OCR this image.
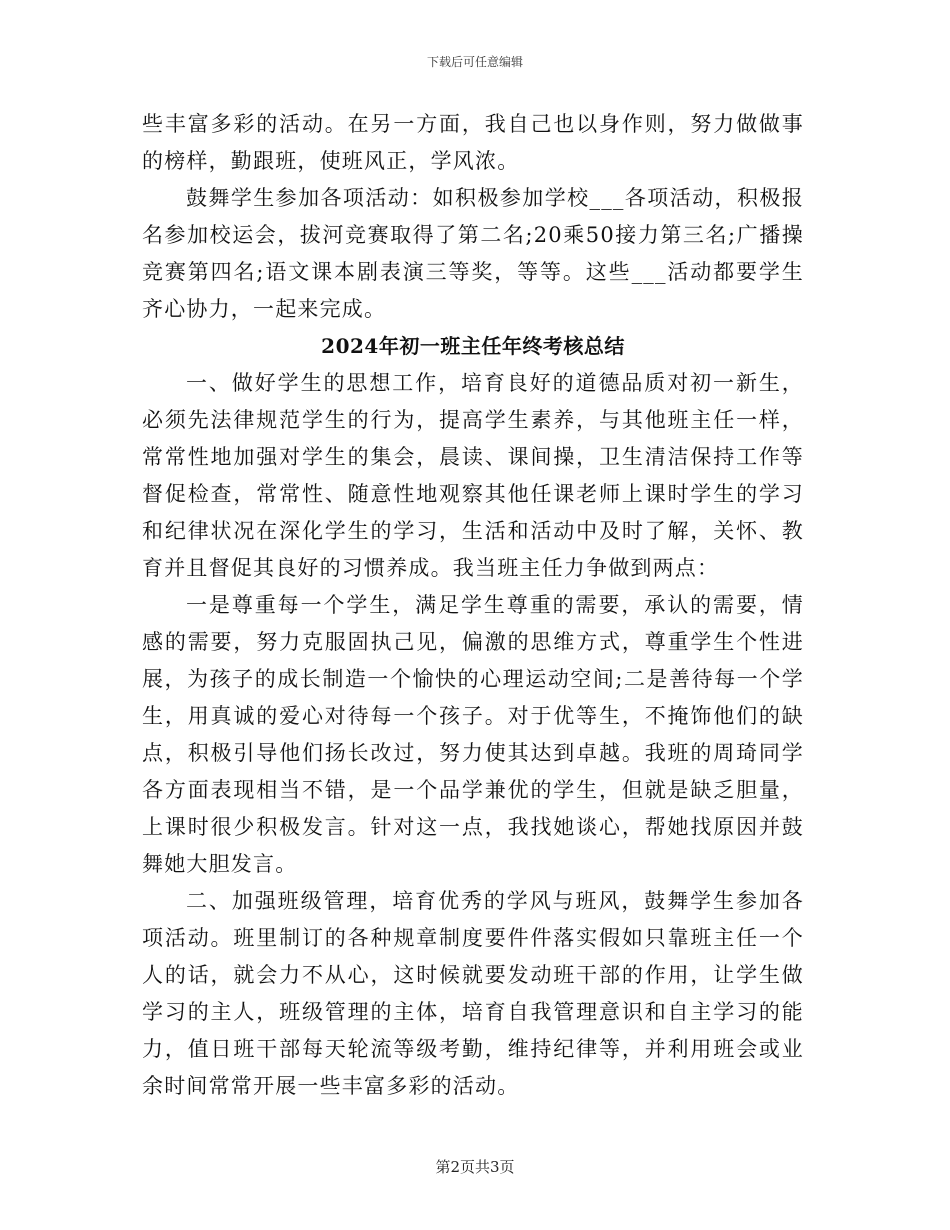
下载后可任意编辑

些丰富多彩的活动。在另一方面，我自己也以身作则，努力做做事的榜样，勤跟班，使班风正，学风浓。

鼓舞学生参加各项活动：如积极参加学校___各项活动，积极报名参加校运会，拔河竞赛取得了第二名;20乘50接力第三名;广播操竞赛第四名;语文课本剧表演三等奖，等等。这些___活动都要学生齐心协力，一起来完成。

2024年初一班主任年终考核总结

一、做好学生的思想工作，培育良好的道德品质对初一新生，必须先法律规范学生的行为，提高学生素养，与其他班主任一样，常常性地加强对学生的集会，晨读、课间操，卫生清洁保持工作等督促检查，常常性、随意性地观察其他任课老师上课时学生的学习和纪律状况在深化学生的学习，生活和活动中及时了解，关怀、教育并且督促其良好的习惯养成。我当班主任力争做到两点：

一是尊重每一个学生，满足学生尊重的需要，承认的需要，情感的需要，努力克服固执己见，偏激的思维方式，尊重学生个性进展，为孩子的成长制造一个愉快的心理运动空间;二是善待每一个学生，用真诚的爱心对待每一个孩子。对于优等生，不掩饰他们的缺点，积极引导他们扬长改过，努力使其达到卓越。我班的周琦同学各方面表现相当不错，是一个品学兼优的学生，但就是缺乏胆量，上课时很少积极发言。针对这一点，我找她谈心，帮她找原因并鼓舞她大胆发言。

二、加强班级管理，培育优秀的学风与班风，鼓舞学生参加各项活动。班里制订的各种规章制度要件件落实假如只靠班主任一个人的话，就会力不从心，这时候就要发动班干部的作用，让学生做学习的主人，班级管理的主体，培育自我管理意识和自主学习的能力，值日班干部每天轮流等级考勤，维持纪律等，并利用班会或业余时间常常开展一些丰富多彩的活动。

第2页共3页
